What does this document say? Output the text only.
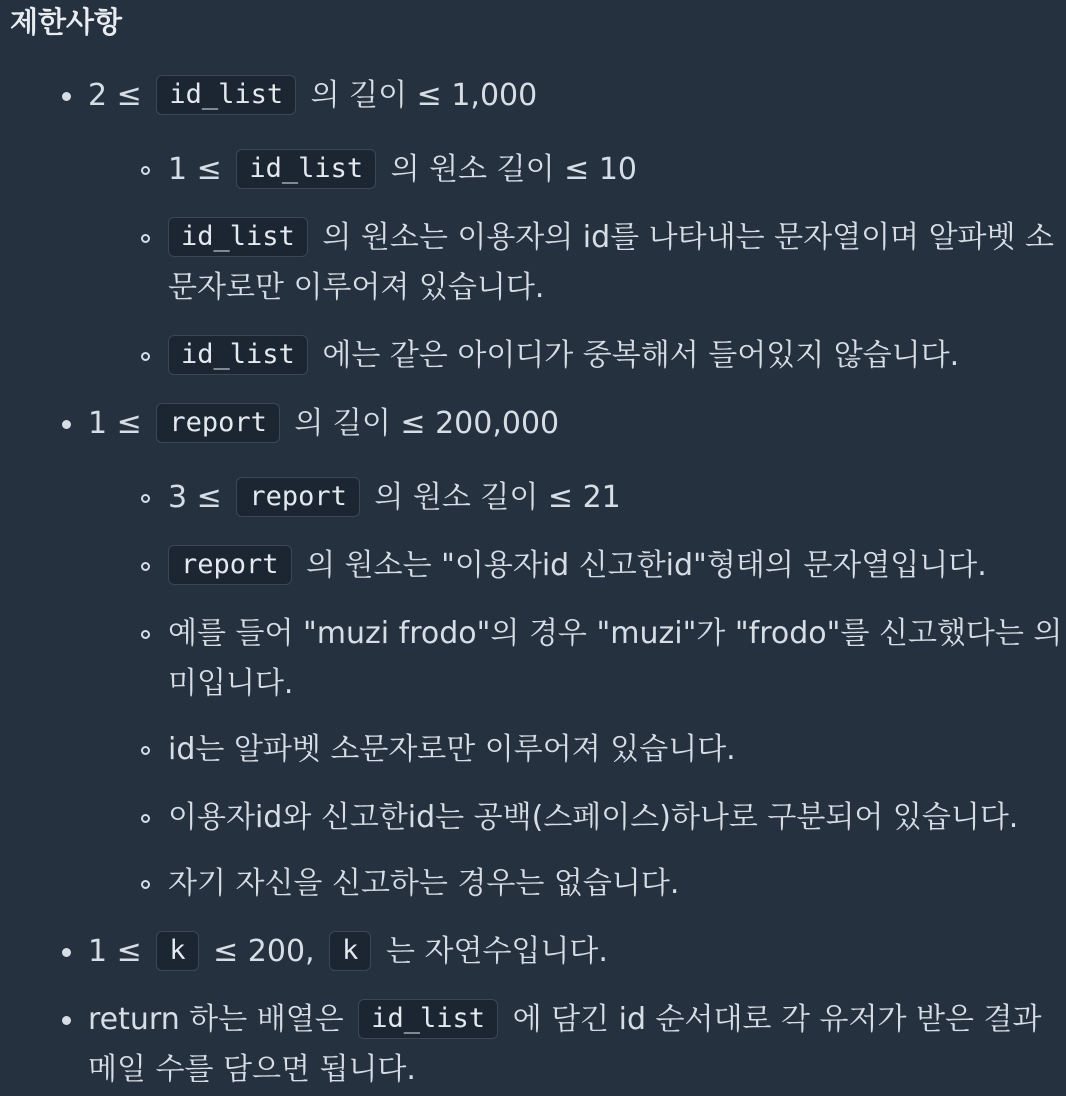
제한사항
2 ≤ id_list 의 길이 ≤ 1,000
1 ≤ id_list 의 원소 길이 ≤ 10
id_list 의 원소는 이용자의 id를 나타내는 문자열이며 알파벳 소
문자로만 이루어져 있습니다.
id_list 에는 같은 아이디가 중복해서 들어있지 않습니다.
1 ≤ report 의 길이 ≤ 200,000
3 ≤ report 의 원소 길이 ≤ 21
report 의 원소는 "이용자id 신고한id"형태의 문자열입니다.
예를 들어 "muzi frodo"의 경우 "muzi"가 "frodo"를 신고했다는 의
미입니다.
id는 알파벳 소문자로만 이루어져 있습니다.
이용자id와 신고한id는 공백(스페이스)하나로 구분되어 있습니다.
자기 자신을 신고하는 경우는 없습니다.
1 ≤ k ≤ 200, k 는 자연수입니다.
return 하는 배열은 id_list 에 담긴 id 순서대로 각 유저가 받은 결과
메일 수를 담으면 됩니다.
